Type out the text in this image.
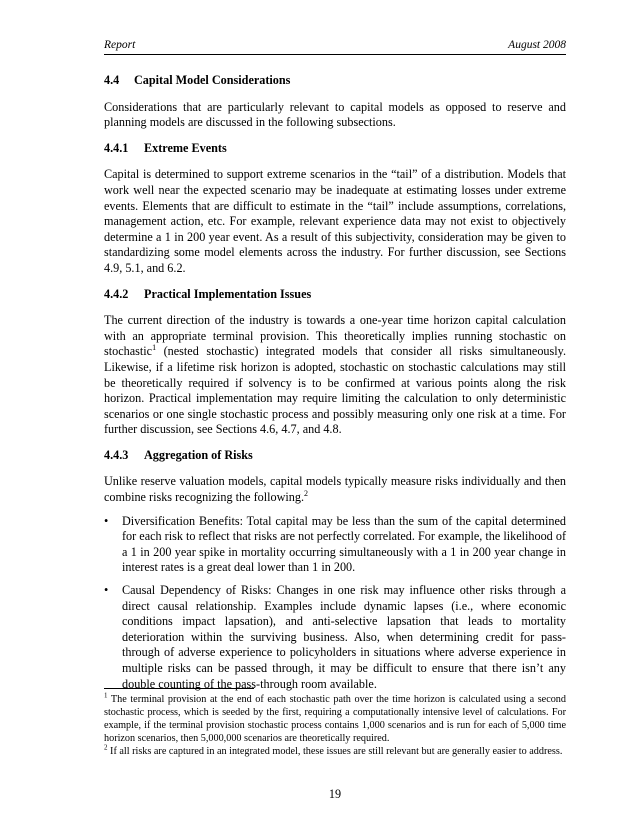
Report	August 2008
4.4 Capital Model Considerations

Considerations that are particularly relevant to capital models as opposed to reserve and planning models are discussed in the following subsections.

4.4.1 Extreme Events

Capital is determined to support extreme scenarios in the “tail” of a distribution. Models that work well near the expected scenario may be inadequate at estimating losses under extreme events. Elements that are difficult to estimate in the “tail” include assumptions, correlations, management action, etc. For example, relevant experience data may not exist to objectively determine a 1 in 200 year event. As a result of this subjectivity, consideration may be given to standardizing some model elements across the industry. For further discussion, see Sections 4.9, 5.1, and 6.2.

4.4.2 Practical Implementation Issues

The current direction of the industry is towards a one-year time horizon capital calculation with an appropriate terminal provision. This theoretically implies running stochastic on stochastic$^1$ (nested stochastic) integrated models that consider all risks simultaneously. Likewise, if a lifetime risk horizon is adopted, stochastic on stochastic calculations may still be theoretically required if solvency is to be confirmed at various points along the risk horizon. Practical implementation may require limiting the calculation to only deterministic scenarios or one single stochastic process and possibly measuring only one risk at a time. For further discussion, see Sections 4.6, 4.7, and 4.8.

4.4.3 Aggregation of Risks

Unlike reserve valuation models, capital models typically measure risks individually and then combine risks recognizing the following.$^2$

• Diversification Benefits: Total capital may be less than the sum of the capital determined for each risk to reflect that risks are not perfectly correlated. For example, the likelihood of a 1 in 200 year spike in mortality occurring simultaneously with a 1 in 200 year change in interest rates is a great deal lower than 1 in 200.
• Causal Dependency of Risks: Changes in one risk may influence other risks through a direct causal relationship. Examples include dynamic lapses (i.e., where economic conditions impact lapsation), and anti-selective lapsation that leads to mortality deterioration within the surviving business. Also, when determining credit for pass-through of adverse experience to policyholders in situations where adverse experience in multiple risks can be passed through, it may be difficult to ensure that there isn’t any double counting of the pass-through room available.

$^1$ The terminal provision at the end of each stochastic path over the time horizon is calculated using a second stochastic process, which is seeded by the first, requiring a computationally intensive level of calculations. For example, if the terminal provision stochastic process contains 1,000 scenarios and is run for each of 5,000 time horizon scenarios, then 5,000,000 scenarios are theoretically required.

$^2$ If all risks are captured in an integrated model, these issues are still relevant but are generally easier to address.

19
